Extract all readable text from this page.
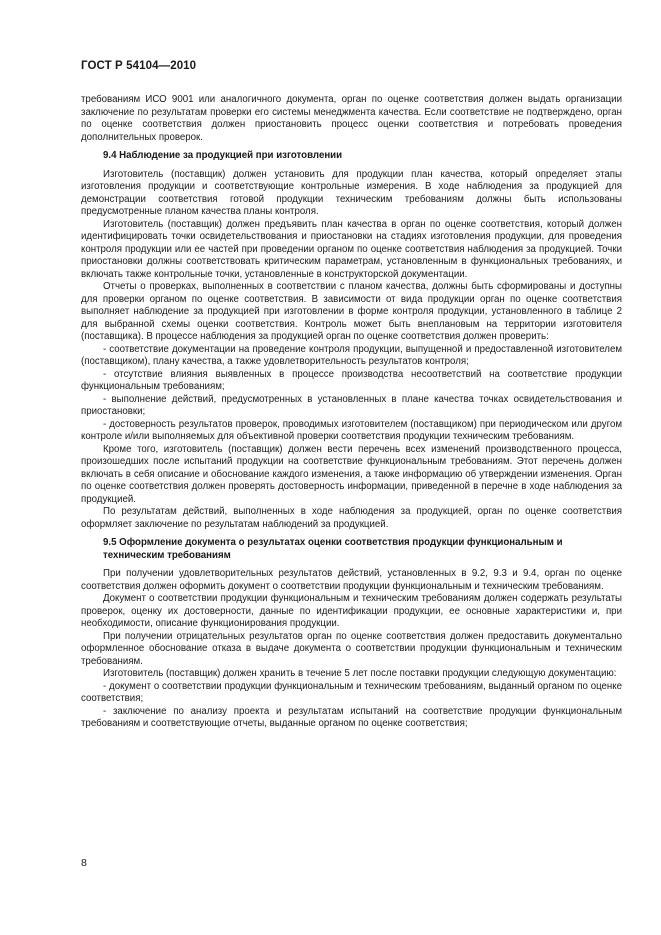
ГОСТ Р 54104—2010

требованиям ИСО 9001 или аналогичного документа, орган по оценке соответствия должен выдать организации заключение по результатам проверки его системы менеджмента качества. Если соответствие не подтверждено, орган по оценке соответствия должен приостановить процесс оценки соответствия и потребовать проведения дополнительных проверок.

9.4 Наблюдение за продукцией при изготовлении

Изготовитель (поставщик) должен установить для продукции план качества, который определяет этапы изготовления продукции и соответствующие контрольные измерения. В ходе наблюдения за продукцией для демонстрации соответствия готовой продукции техническим требованиям должны быть использованы предусмотренные планом качества планы контроля.

Изготовитель (поставщик) должен предъявить план качества в орган по оценке соответствия, который должен идентифицировать точки освидетельствования и приостановки на стадиях изготовления продукции, для проведения контроля продукции или ее частей при проведении органом по оценке соответствия наблюдения за продукцией. Точки приостановки должны соответствовать критическим параметрам, установленным в функциональных требованиях, и включать также контрольные точки, установленные в конструкторской документации.

Отчеты о проверках, выполненных в соответствии с планом качества, должны быть сформированы и доступны для проверки органом по оценке соответствия. В зависимости от вида продукции орган по оценке соответствия выполняет наблюдение за продукцией при изготовлении в форме контроля продукции, установленного в таблице 2 для выбранной схемы оценки соответствия. Контроль может быть внеплановым на территории изготовителя (поставщика). В процессе наблюдения за продукцией орган по оценке соответствия должен проверить:

- соответствие документации на проведение контроля продукции, выпущенной и предоставленной изготовителем (поставщиком), плану качества, а также удовлетворительность результатов контроля;

- отсутствие влияния выявленных в процессе производства несоответствий на соответствие продукции функциональным требованиям;

- выполнение действий, предусмотренных в установленных в плане качества точках освидетельствования и приостановки;

- достоверность результатов проверок, проводимых изготовителем (поставщиком) при периодическом или другом контроле и/или выполняемых для объективной проверки соответствия продукции техническим требованиям.

Кроме того, изготовитель (поставщик) должен вести перечень всех изменений производственного процесса, произошедших после испытаний продукции на соответствие функциональным требованиям. Этот перечень должен включать в себя описание и обоснование каждого изменения, а также информацию об утверждении изменения. Орган по оценке соответствия должен проверять достоверность информации, приведенной в перечне в ходе наблюдения за продукцией.

По результатам действий, выполненных в ходе наблюдения за продукцией, орган по оценке соответствия оформляет заключение по результатам наблюдений за продукцией.

9.5 Оформление документа о результатах оценки соответствия продукции функциональным и техническим требованиям

При получении удовлетворительных результатов действий, установленных в 9.2, 9.3 и 9.4, орган по оценке соответствия должен оформить документ о соответствии продукции функциональным и техническим требованиям.

Документ о соответствии продукции функциональным и техническим требованиям должен содержать результаты проверок, оценку их достоверности, данные по идентификации продукции, ее основные характеристики и, при необходимости, описание функционирования продукции.

При получении отрицательных результатов орган по оценке соответствия должен предоставить документально оформленное обоснование отказа в выдаче документа о соответствии продукции функциональным и техническим требованиям.

Изготовитель (поставщик) должен хранить в течение 5 лет после поставки продукции следующую документацию:

- документ о соответствии продукции функциональным и техническим требованиям, выданный органом по оценке соответствия;

- заключение по анализу проекта и результатам испытаний на соответствие продукции функциональным требованиям и соответствующие отчеты, выданные органом по оценке соответствия;

8
